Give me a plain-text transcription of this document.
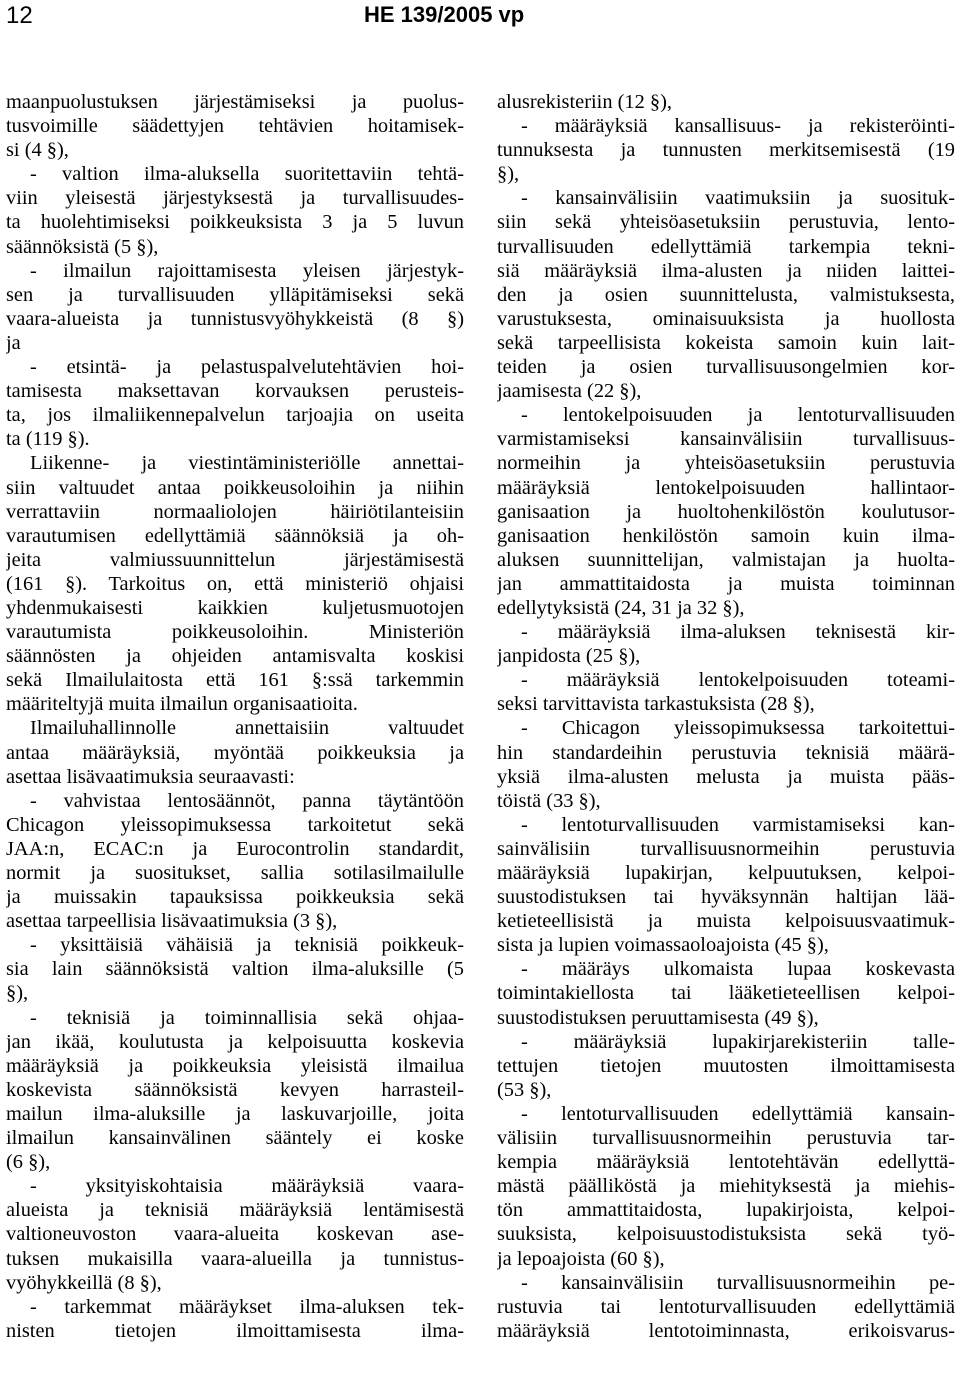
12	HE 139/2005 vp
maanpuolustuksen järjestämiseksi ja puolus-
tusvoimille säädettyjen tehtävien hoitamisek-
si (4 §),
- valtion ilma-aluksella suoritettaviin tehtä-
viin yleisestä järjestyksestä ja turvallisuudes-
ta huolehtimiseksi poikkeuksista 3 ja 5 luvun
säännöksistä (5 §),
- ilmailun rajoittamisesta yleisen järjestyk-
sen ja turvallisuuden ylläpitämiseksi sekä
vaara-alueista ja tunnistusvyöhykkeistä (8 §)
ja
- etsintä- ja pelastuspalvelutehtävien hoi-
tamisesta maksettavan korvauksen perusteis-
ta, jos ilmaliikennepalvelun tarjoajia on useita
ta (119 §).
Liikenne- ja viestintäministeriölle annettai-
siin valtuudet antaa poikkeusoloihin ja niihin
verrattaviin normaaliolojen häiriötilanteisiin
varautumisen edellyttämiä säännöksiä ja oh-
jeita valmiussuunnittelun järjestämisestä
(161 §). Tarkoitus on, että ministeriö ohjaisi
yhdenmukaisesti kaikkien kuljetusmuotojen
varautumista poikkeusoloihin. Ministeriön
säännösten ja ohjeiden antamisvalta koskisi
sekä Ilmailulaitosta että 161 §:ssä tarkemmin
määriteltyjä muita ilmailun organisaatioita.
Ilmailuhallinnolle annettaisiin valtuudet
antaa määräyksiä, myöntää poikkeuksia ja
asettaa lisävaatimuksia seuraavasti:
- vahvistaa lentosäännöt, panna täytäntöön
Chicagon yleissopimuksessa tarkoitetut sekä
JAA:n, ECAC:n ja Eurocontrolin standardit,
normit ja suositukset, sallia sotilasilmailulle
ja muissakin tapauksissa poikkeuksia sekä
asettaa tarpeellisia lisävaatimuksia (3 §),
- yksittäisiä vähäisiä ja teknisiä poikkeuk-
sia lain säännöksistä valtion ilma-aluksille (5
§),
- teknisiä ja toiminnallisia sekä ohjaa-
jan ikää, koulutusta ja kelpoisuutta koskevia
määräyksiä ja poikkeuksia yleisistä ilmailua
koskevista säännöksistä kevyen harrasteil-
mailun ilma-aluksille ja laskuvarjoille, joita
ilmailun kansainvälinen sääntely ei koske
(6 §),
- yksityiskohtaisia määräyksiä vaara-
alueista ja teknisiä määräyksiä lentämisestä
valtioneuvoston vaara-alueita koskevan ase-
tuksen mukaisilla vaara-alueilla ja tunnistus-
vyöhykkeillä (8 §),
- tarkemmat määräykset ilma-aluksen tek-
nisten tietojen ilmoittamisesta ilma-
alusrekisteriin (12 §),
- määräyksiä kansallisuus- ja rekisteröinti-
tunnuksesta ja tunnusten merkitsemisestä (19
§),
- kansainvälisiin vaatimuksiin ja suosituk-
siin sekä yhteisöasetuksiin perustuvia, lento-
turvallisuuden edellyttämiä tarkempia tekni-
siä määräyksiä ilma-alusten ja niiden laittei-
den ja osien suunnittelusta, valmistuksesta,
varustuksesta, ominaisuuksista ja huollosta
sekä tarpeellisista kokeista samoin kuin lait-
teiden ja osien turvallisuusongelmien kor-
jaamisesta (22 §),
- lentokelpoisuuden ja lentoturvallisuuden
varmistamiseksi kansainvälisiin turvallisuus-
normeihin ja yhteisöasetuksiin perustuvia
määräyksiä lentokelpoisuuden hallintaor-
ganisaation ja huoltohenkilöstön koulutusor-
ganisaation henkilöstön samoin kuin ilma-
aluksen suunnittelijan, valmistajan ja huolta-
jan ammattitaidosta ja muista toiminnan
edellytyksistä (24, 31 ja 32 §),
- määräyksiä ilma-aluksen teknisestä kir-
janpidosta (25 §),
- määräyksiä lentokelpoisuuden toteami-
seksi tarvittavista tarkastuksista (28 §),
- Chicagon yleissopimuksessa tarkoitettui-
hin standardeihin perustuvia teknisiä määrä-
yksiä ilma-alusten melusta ja muista pääs-
töistä (33 §),
- lentoturvallisuuden varmistamiseksi kan-
sainvälisiin turvallisuusnormeihin perustuvia
määräyksiä lupakirjan, kelpuutuksen, kelpoi-
suustodistuksen tai hyväksynnän haltijan lää-
ketieteellisistä ja muista kelpoisuusvaatimuk-
sista ja lupien voimassaoloajoista (45 §),
- määräys ulkomaista lupaa koskevasta
toimintakiellosta tai lääketieteellisen kelpoi-
suustodistuksen peruuttamisesta (49 §),
- määräyksiä lupakirjarekisteriin talle-
tettujen tietojen muutosten ilmoittamisesta
(53 §),
- lentoturvallisuuden edellyttämiä kansain-
välisiin turvallisuusnormeihin perustuvia tar-
kempia määräyksiä lentotehtävän edellyttä-
mästä päälliköstä ja miehityksestä ja miehis-
tön ammattitaidosta, lupakirjoista, kelpoi-
suuksista, kelpoisuustodistuksista sekä työ-
ja lepoajoista (60 §),
- kansainvälisiin turvallisuusnormeihin pe-
rustuvia tai lentoturvallisuuden edellyttämiä
määräyksiä lentotoiminnasta, erikoisvarus-
